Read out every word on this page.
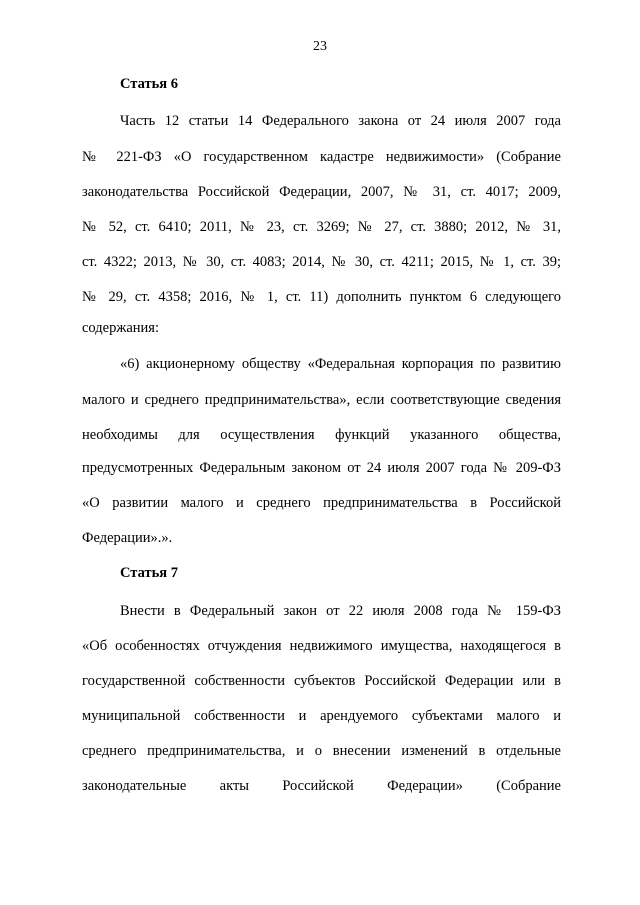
23
Статья 6
Часть 12 статьи 14 Федерального закона от 24 июля 2007 года
№ 221-ФЗ «О государственном кадастре недвижимости» (Собрание
законодательства Российской Федерации, 2007, № 31, ст. 4017; 2009,
№ 52, ст. 6410; 2011, № 23, ст. 3269; № 27, ст. 3880; 2012, № 31,
ст. 4322; 2013, № 30, ст. 4083; 2014, № 30, ст. 4211; 2015, № 1, ст. 39;
№ 29, ст. 4358; 2016, № 1, ст. 11) дополнить пунктом 6 следующего
содержания:
«6) акционерному обществу «Федеральная корпорация по развитию
малого и среднего предпринимательства», если соответствующие сведения
необходимы для осуществления функций указанного общества,
предусмотренных Федеральным законом от 24 июля 2007 года № 209-ФЗ
«О развитии малого и среднего предпринимательства в Российской
Федерации».».
Статья 7
Внести в Федеральный закон от 22 июля 2008 года № 159-ФЗ
«Об особенностях отчуждения недвижимого имущества, находящегося в
государственной собственности субъектов Российской Федерации или в
муниципальной собственности и арендуемого субъектами малого и
среднего предпринимательства, и о внесении изменений в отдельные
законодательные акты Российской Федерации» (Собрание
